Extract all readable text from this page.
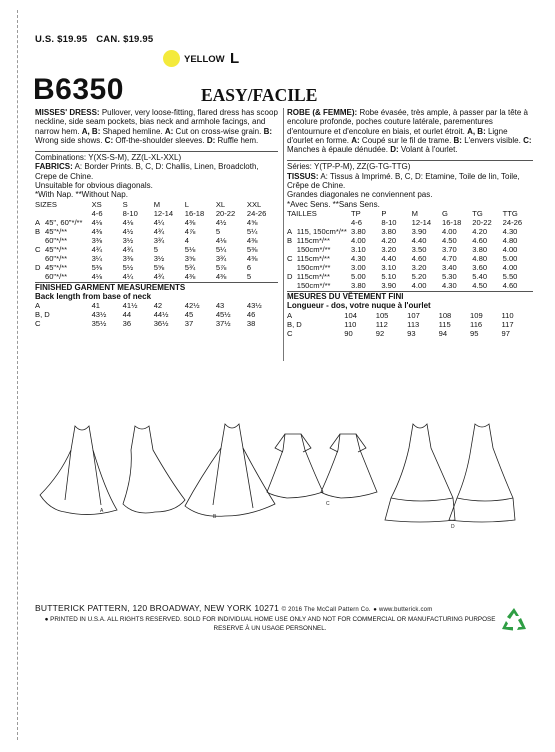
U.S. $19.95 CAN. $19.95
YELLOW L
B6350	EASY/FACILE

MISSES' DRESS: Pullover, very loose-fitting, flared dress has scoop neckline, side seam pockets, bias neck and armhole facings, and narrow hem. A, B: Shaped hemline. A: Cut on cross-wise grain. B: Wrong side shows. C: Off-the-shoulder sleeves. D: Ruffle hem.

Combinations: Y(XS-S-M), ZZ(L-XL-XXL)

FABRICS: A: Border Prints. B, C, D: Challis, Linen, Broadcloth, Crepe de Chine.

Unsuitable for obvious diagonals.

*With Nap. **Without Nap.

SIZES		XS	S	M	L	XL	XXL
		4-6	8-10	12-14	16-18	20-22	24-26
A	45", 60"*/**	4⅛	4⅛	4¼	4⅜	4½	4⅝
B	45"*/**	4⅜	4½	4¾	4⅞	5	5¼
	60"*/**	3⅜	3½	3¾	4	4⅛	4⅜
C	45"*/**	4¾	4¾	5	5⅛	5¼	5⅜
	60"*/**	3¼	3⅜	3½	3⅝	3¾	4⅜
D	45"*/**	5⅜	5½	5⅝	5¾	5⅞	6
	60"*/**	4⅛	4¼	4¾	4⅜	4⅜	5
FINISHED GARMENT MEASUREMENTS
Back length from base of neck
A	41	41½	42	42½	43	43½
B, D	43½	44	44½	45	45½	46
C	35½	36	36½	37	37½	38

ROBE (& FEMME): Robe évasée, très ample, à passer par la tête à encolure profonde, poches couture latérale, parementures d'entournure et d'encolure en biais, et ourlet étroit. A, B: Ligne d'ourlet en forme. A: Coupé sur le fil de trame. B: L'envers visible. C: Manches à épaule dénudée. D: Volant à l'ourlet.

Séries: Y(TP-P-M), ZZ(G-TG-TTG)

TISSUS: A: Tissus à Imprimé. B, C, D: Etamine, Toile de lin, Toile, Crêpe de Chine.

Grandes diagonales ne conviennent pas.

*Avec Sens. **Sans Sens.

TAILLES		TP	P	M	G	TG	TTG
		4-6	8-10	12-14	16-18	20-22	24-26
A	115, 150cm*/**	3.80	3.80	3.90	4.00	4.20	4.30
B	115cm*/**	4.00	4.20	4.40	4.50	4.60	4.80
	150cm*/**	3.10	3.20	3.50	3.70	3.80	4.00
C	115cm*/**	4.30	4.40	4.60	4.70	4.80	5.00
	150cm*/**	3.00	3.10	3.20	3.40	3.60	4.00
D	115cm*/**	5.00	5.10	5.20	5.30	5.40	5.50
	150cm*/**	3.80	3.90	4.00	4.30	4.50	4.60
MESURES DU VÊTEMENT FINI
Longueur - dos, votre nuque à l'ourlet
A	104	105	107	108	109	110
B, D	110	112	113	115	116	117
C	90	92	93	94	95	97
A
B
C
D
BUTTERICK PATTERN, 120 BROADWAY, NEW YORK 10271 © 2016 The McCall Pattern Co. ● www.butterick.com
● PRINTED IN U.S.A. ALL RIGHTS RESERVED. SOLD FOR INDIVIDUAL HOME USE ONLY AND NOT FOR COMMERCIAL OR MANUFACTURING PURPOSE RESERVE À UN USAGE PERSONNEL.
